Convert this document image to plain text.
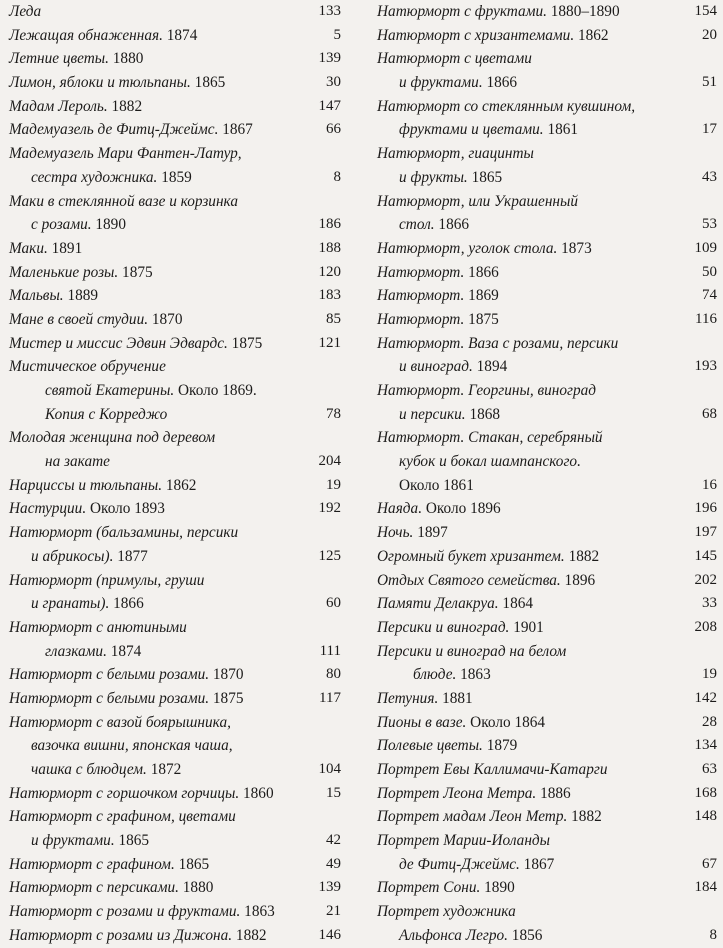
Леда	133
Лежащая обнаженная. 1874	5
Летние цветы. 1880	139
Лимон, яблоки и тюльпаны. 1865	30
Мадам Лероль. 1882	147
Мадемуазель де Фитц-Джеймс. 1867	66
Мадемуазель Мари Фантен-Латур,
сестра художника. 1859	8
Маки в стеклянной вазе и корзинка
с розами. 1890	186
Маки. 1891	188
Маленькие розы. 1875	120
Мальвы. 1889	183
Мане в своей студии. 1870	85
Мистер и миссис Эдвин Эдвардс. 1875	121
Мистическое обручение
святой Екатерины. Около 1869.
Копия с Корреджо	78
Молодая женщина под деревом
на закате	204
Нарциссы и тюльпаны. 1862	19
Настурции. Около 1893	192
Натюрморт (бальзамины, персики
и абрикосы). 1877	125
Натюрморт (примулы, груши
и гранаты). 1866	60
Натюрморт с анютиными
глазками. 1874	111
Натюрморт с белыми розами. 1870	80
Натюрморт с белыми розами. 1875	117
Натюрморт с вазой боярышника,
вазочка вишни, японская чаша,
чашка с блюдцем. 1872	104
Натюрморт с горшочком горчицы. 1860	15
Натюрморт с графином, цветами
и фруктами. 1865	42
Натюрморт с графином. 1865	49
Натюрморт с персиками. 1880	139
Натюрморт с розами и фруктами. 1863	21
Натюрморт с розами из Дижона. 1882	146
Натюрморт с фруктами. 1880–1890	154
Натюрморт с хризантемами. 1862	20
Натюрморт с цветами
и фруктами. 1866	51
Натюрморт со стеклянным кувшином,
фруктами и цветами. 1861	17
Натюрморт, гиацинты
и фрукты. 1865	43
Натюрморт, или Украшенный
стол. 1866	53
Натюрморт, уголок стола. 1873	109
Натюрморт. 1866	50
Натюрморт. 1869	74
Натюрморт. 1875	116
Натюрморт. Ваза с розами, персики
и виноград. 1894	193
Натюрморт. Георгины, виноград
и персики. 1868	68
Натюрморт. Стакан, серебряный
кубок и бокал шампанского.
Около 1861	16
Наяда. Около 1896	196
Ночь. 1897	197
Огромный букет хризантем. 1882	145
Отдых Святого семейства. 1896	202
Памяти Делакруа. 1864	33
Персики и виноград. 1901	208
Персики и виноград на белом
блюде. 1863	19
Петуния. 1881	142
Пионы в вазе. Около 1864	28
Полевые цветы. 1879	134
Портрет Евы Каллимачи-Катарги	63
Портрет Леона Метра. 1886	168
Портрет мадам Леон Метр. 1882	148
Портрет Марии-Иоланды
де Фитц-Джеймс. 1867	67
Портрет Сони. 1890	184
Портрет художника
Альфонса Легро. 1856	8
